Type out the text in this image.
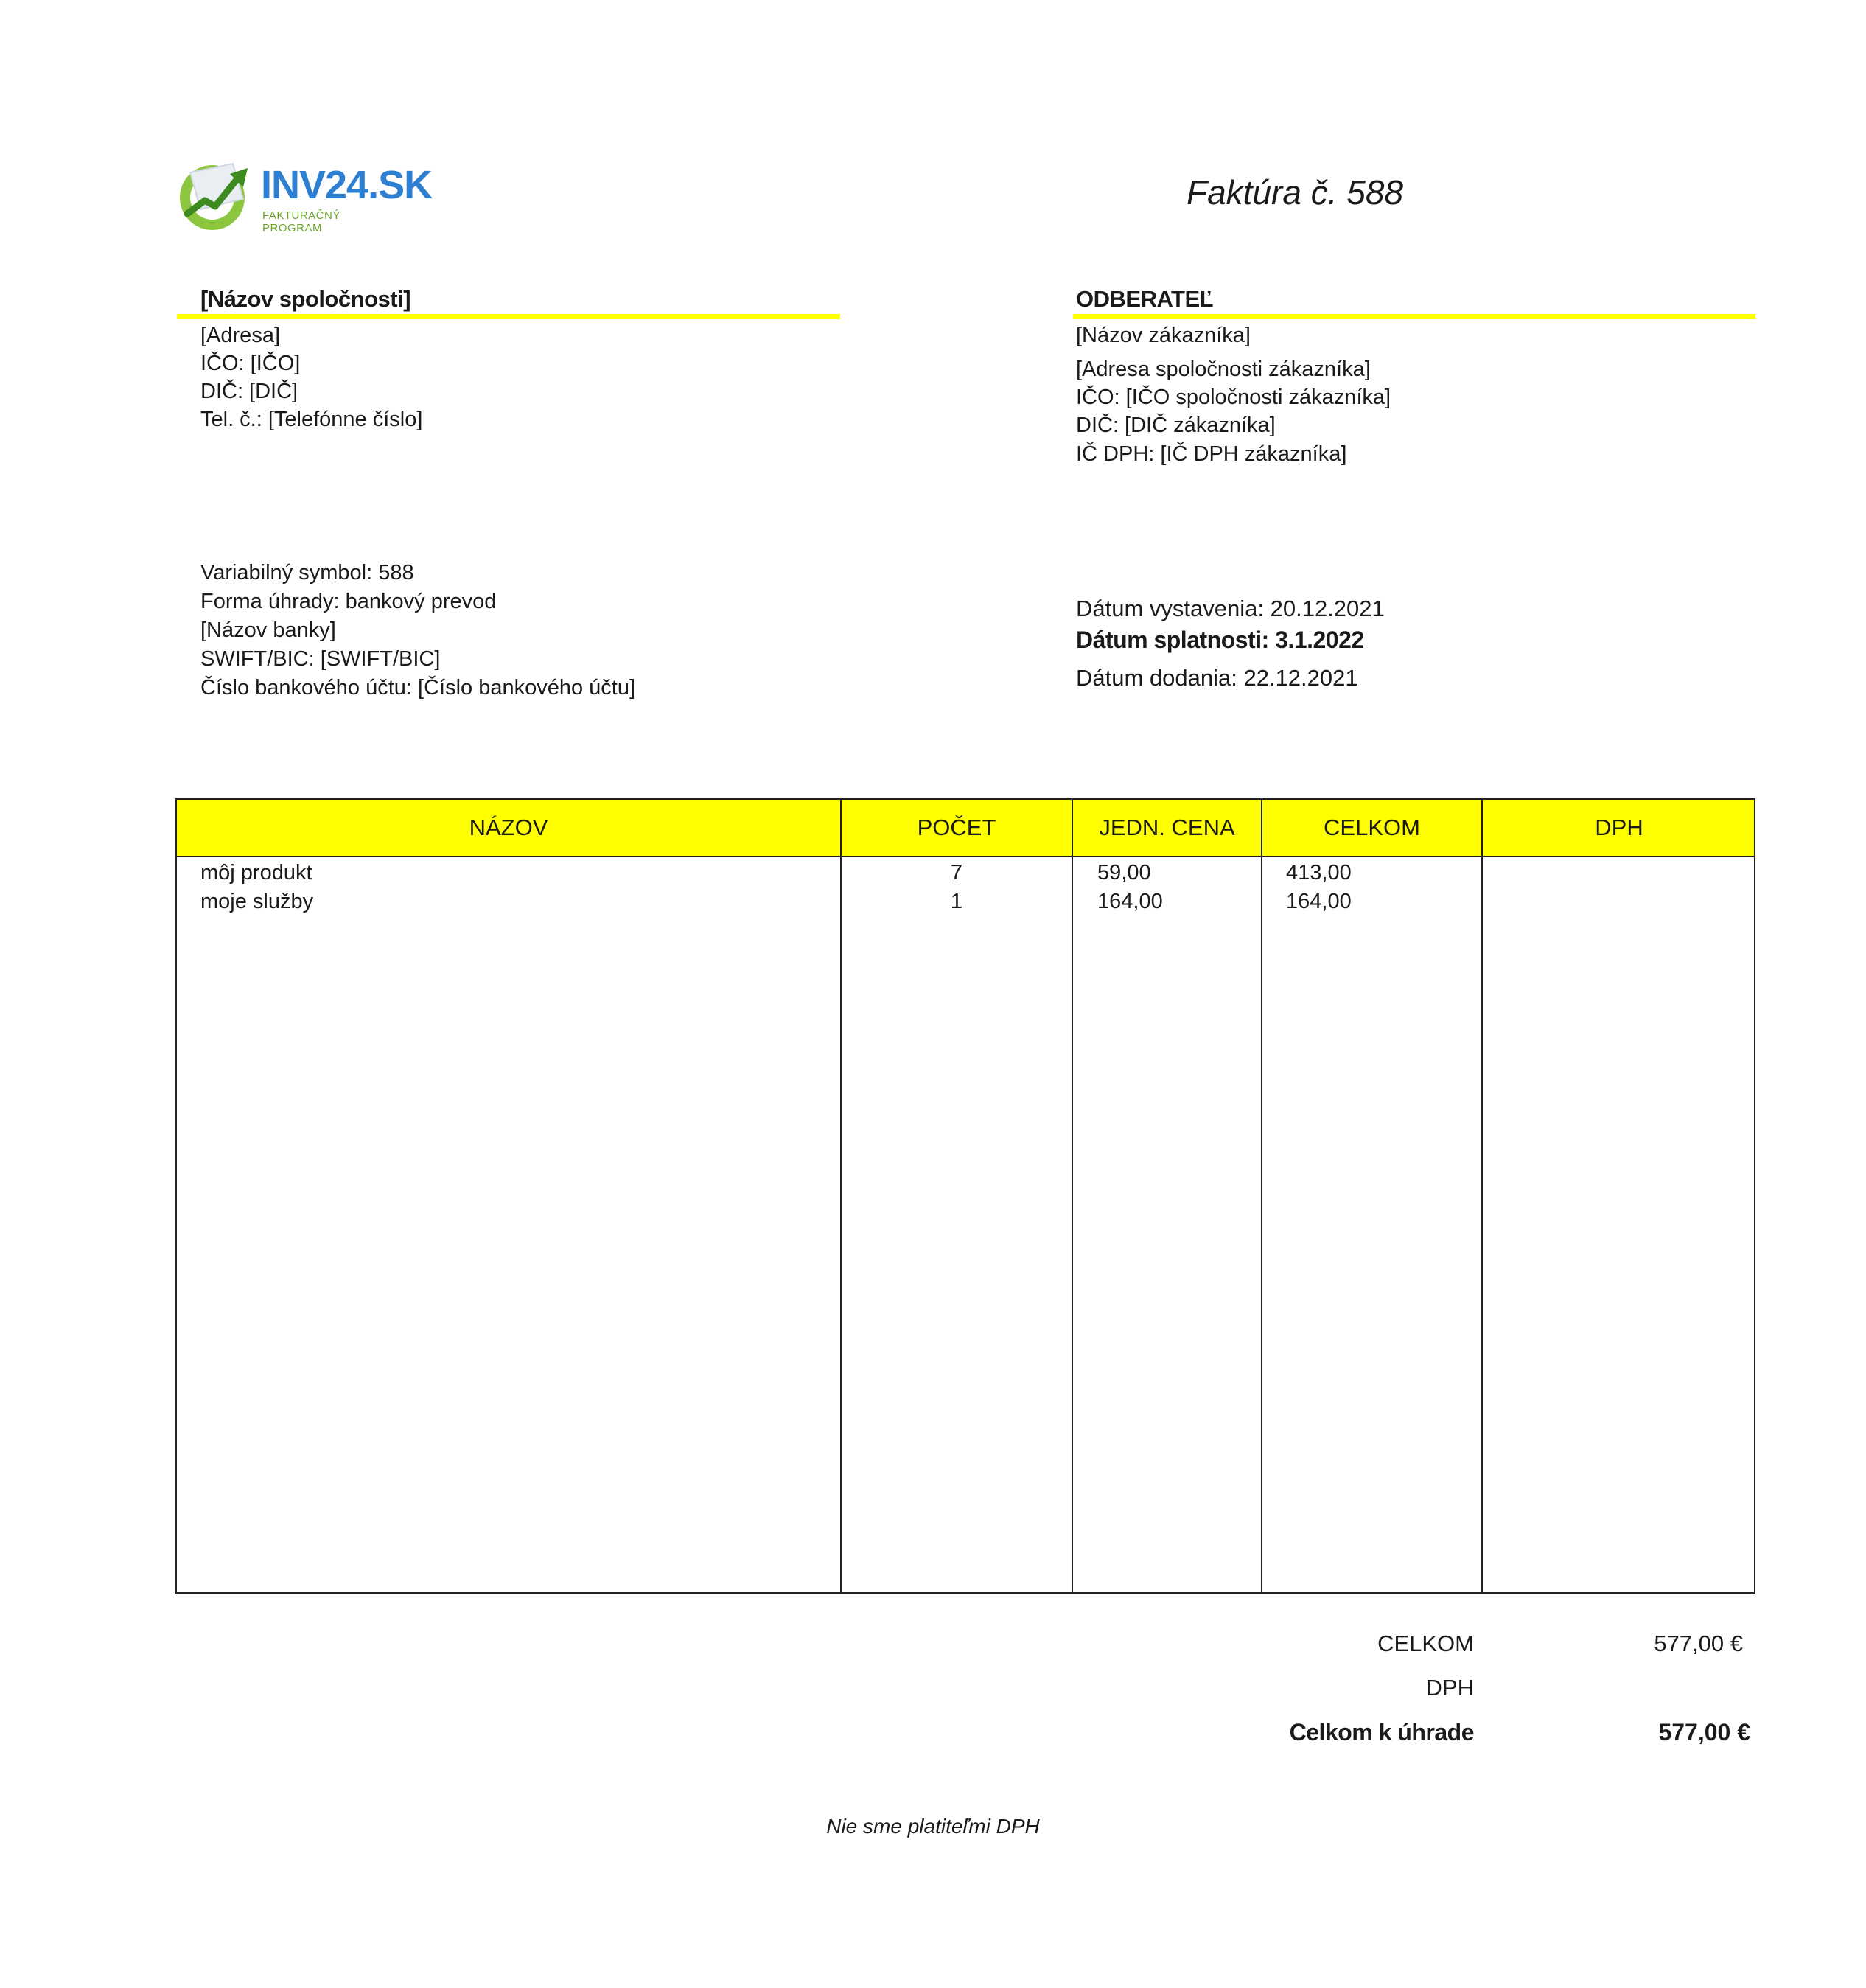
INV24.SK
FAKTURAČNÝ PROGRAM
Faktúra č. 588
[Názov spoločnosti]
[Adresa]
IČO: [IČO]
DIČ: [DIČ]
Tel. č.: [Telefónne číslo]
ODBERATEĽ
[Názov zákazníka]
[Adresa spoločnosti zákazníka]
IČO: [IČO spoločnosti zákazníka]
DIČ: [DIČ zákazníka]
IČ DPH: [IČ DPH zákazníka]
Variabilný symbol: 588
Forma úhrady: bankový prevod
[Názov banky]
SWIFT/BIC: [SWIFT/BIC]
Číslo bankového účtu: [Číslo bankového účtu]
Dátum vystavenia: 20.12.2021
Dátum splatnosti: 3.1.2022
Dátum dodania: 22.12.2021
NÁZOV	POČET	JEDN. CENA	CELKOM	DPH
môj produkt	7	59,00	413,00
moje služby	1	164,00	164,00
CELKOM	577,00 €
DPH
Celkom k úhrade	577,00 €
Nie sme platiteľmi DPH
